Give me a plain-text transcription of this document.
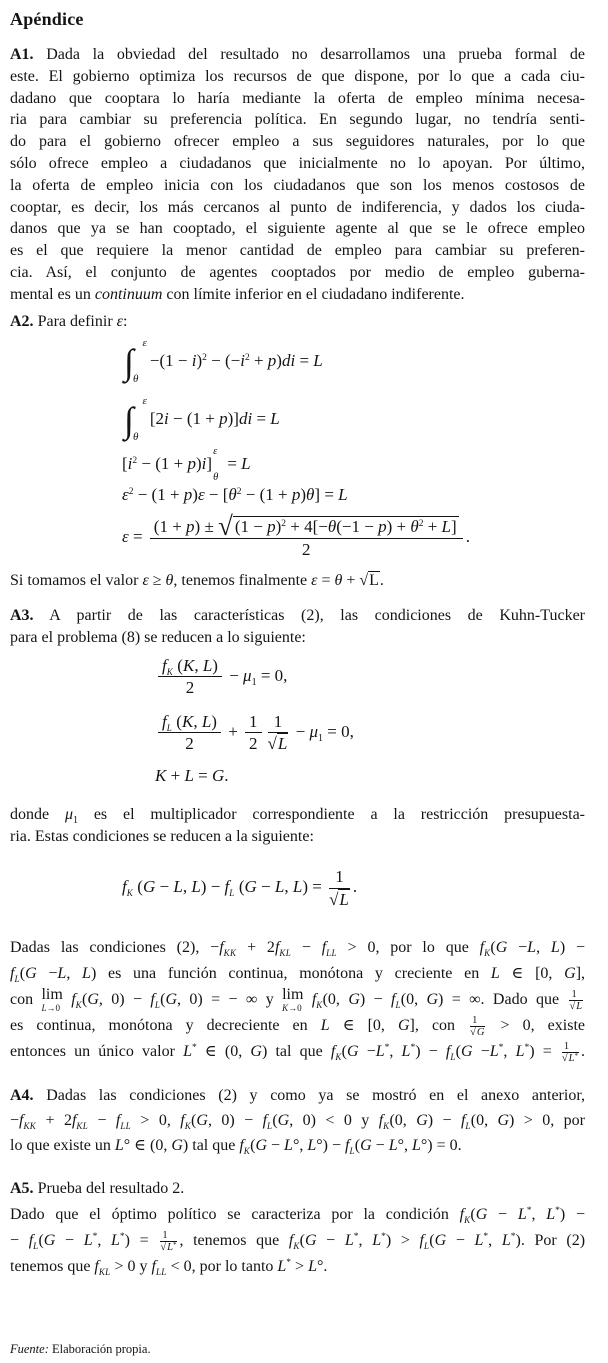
Apéndice
A1. Dada la obviedad del resultado no desarrollamos una prueba formal de
este. El gobierno optimiza los recursos de que dispone, por lo que a cada ciu-
dadano que cooptara lo haría mediante la oferta de empleo mínima necesa-
ria para cambiar su preferencia política. En segundo lugar, no tendría senti-
do para el gobierno ofrecer empleo a sus seguidores naturales, por lo que
sólo ofrece empleo a ciudadanos que inicialmente no lo apoyan. Por último,
la oferta de empleo inicia con los ciudadanos que son los menos costosos de
cooptar, es decir, los más cercanos al punto de indiferencia, y dados los ciuda-
danos que ya se han cooptado, el siguiente agente al que se le ofrece empleo
es el que requiere la menor cantidad de empleo para cambiar su preferen-
cia. Así, el conjunto de agentes cooptados por medio de empleo guberna-
mental es un continuum con límite inferior en el ciudadano indiferente.
A2. Para definir ε:
∫ ε
θ
$-(1 - i)^2 - (-i^2 + p)di = L$
∫ ε
θ
[2i − (1 + p)]di = L
$[i^2 - (1 + p)i]$
ε
θ
= L
$\varepsilon^2 - (1 + p)\varepsilon - [\theta^2 - (1 + p)\theta] = L$
$\varepsilon = \frac{(1 + p) \pm √ (1 - p)^2 + 4[-\theta(-1 - p) + \theta^2 + L]}{2}$ .
Si tomamos el valor ε ≥ θ, tenemos finalmente ε = θ + √ L.
A3. A partir de las características (2), las condiciones de Kuhn-Tucker
para el problema (8) se reducen a lo siguiente:
$\frac{f_K (K, L)}{2} - \mu_1 = 0$,
$\frac{f_L (K, L)}{2} + \frac{1}{2} 1$
√ $L - \mu_1 = 0$,
K + L = G.
donde $\mu_1$ es el multiplicador correspondiente a la restricción presupuesta-
ria. Estas condiciones se reducen a la siguiente:
$f_K$ (G − L, $L) - f_L$ (G − L, L) = 1
√ L .
Dadas las condiciones (2), $-f_{KK} + 2f_{KL} - f_{LL} > 0$, por lo que $f_K(G -L$, L) −
$f_L(G -L$, L) es una función continua, monótona y creciente en L ∈ [0, G],
con lim
L→0 $f_K(G$, $0) - f_L(G$, 0) = − ∞ y lim
K→0 $f_K(0$, $G) - f_L(0$, G) = ∞. Dado que 1
√ L
es continua, monótona y decreciente en L ∈ [0, G], con 1
√ G > 0, existe
entonces un único valor L* ∈ (0, G) tal que $f_K(G -L^*$, $L^*) - f_L(G -L^*$, L*) = 1
√ L* .
A4. Dadas las condiciones (2) y como ya se mostró en el anexo anterior,
$-f_{KK} + 2f_{KL} - f_{LL} > 0$, $f_K(G$, $0) - f_L(G$, 0) < 0 y $f_K(0$, $G) - f_L(0$, G) > 0, por
lo que existe un L° ∈ (0, G) tal que $f_K(G - L^\circ$, $L^\circ) - f_L(G - L^\circ$, L°) = 0.
A5. Prueba del resultado 2.
Dado que el óptimo político se caracteriza por la condición $f_K(G - L^*$, L*) −
− $f_L(G - L^*$, L*) = 1
√ L* , tenemos que $f_K(G - L^*$, $L^*) > f_L(G - L^*$, L*). Por (2)
tenemos que $f_{KL} > 0$ y $f_{LL} < 0$, por lo tanto L* > L°.
Fuente: Elaboración propia.
